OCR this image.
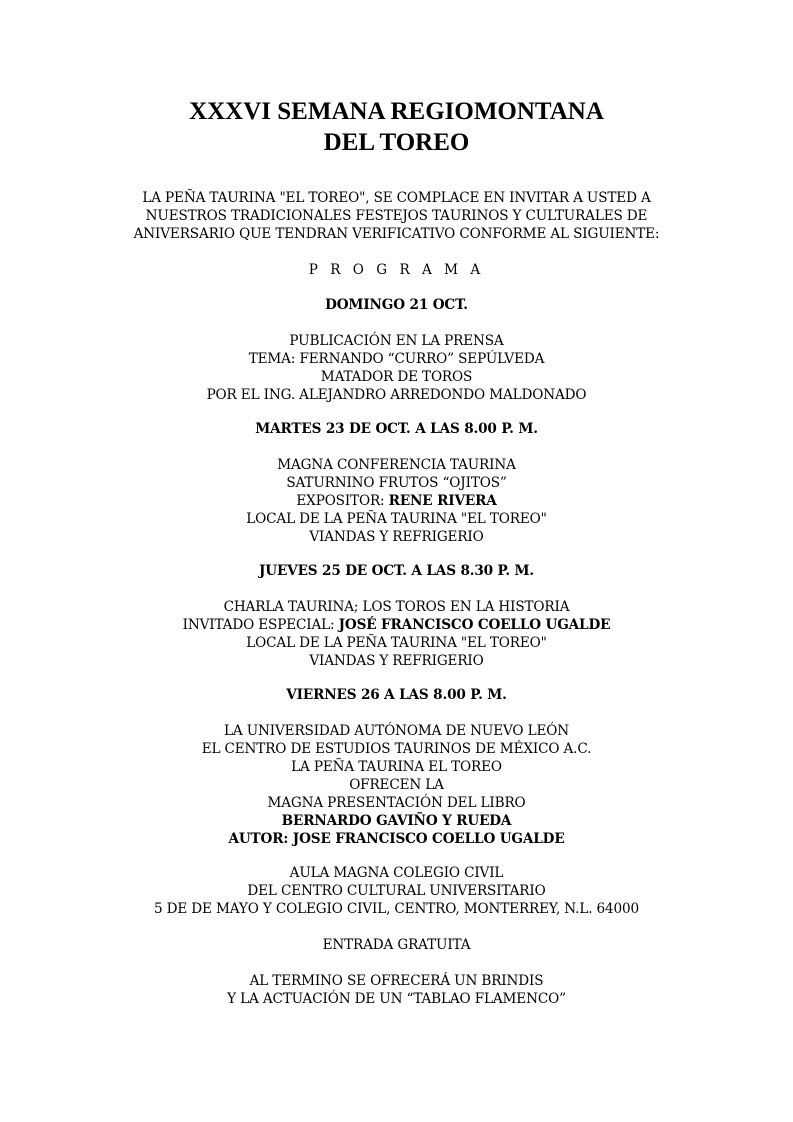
XXXVI SEMANA REGIOMONTANA
DEL TOREO
LA PEÑA TAURINA "EL TOREO", SE COMPLACE EN INVITAR A USTED A
NUESTROS TRADICIONALES FESTEJOS TAURINOS Y CULTURALES DE
ANIVERSARIO QUE TENDRAN VERIFICATIVO CONFORME AL SIGUIENTE:
P R O G R A M A
DOMINGO 21 OCT.
PUBLICACIÓN EN LA PRENSA
TEMA: FERNANDO “CURRO” SEPÚLVEDA
MATADOR DE TOROS
POR EL ING. ALEJANDRO ARREDONDO MALDONADO
MARTES 23 DE OCT. A LAS 8.00 P. M.
MAGNA CONFERENCIA TAURINA
SATURNINO FRUTOS “OJITOS”
EXPOSITOR: RENE RIVERA
LOCAL DE LA PEÑA TAURINA "EL TOREO"
VIANDAS Y REFRIGERIO
JUEVES 25 DE OCT. A LAS 8.30 P. M.
CHARLA TAURINA; LOS TOROS EN LA HISTORIA
INVITADO ESPECIAL: JOSÉ FRANCISCO COELLO UGALDE
LOCAL DE LA PEÑA TAURINA "EL TOREO"
VIANDAS Y REFRIGERIO
VIERNES 26 A LAS 8.00 P. M.
LA UNIVERSIDAD AUTÓNOMA DE NUEVO LEÓN
EL CENTRO DE ESTUDIOS TAURINOS DE MÉXICO A.C.
LA PEÑA TAURINA EL TOREO
OFRECEN LA
MAGNA PRESENTACIÓN DEL LIBRO
BERNARDO GAVIÑO Y RUEDA
AUTOR: JOSE FRANCISCO COELLO UGALDE
AULA MAGNA COLEGIO CIVIL
DEL CENTRO CULTURAL UNIVERSITARIO
5 DE DE MAYO Y COLEGIO CIVIL, CENTRO, MONTERREY, N.L. 64000
ENTRADA GRATUITA
AL TERMINO SE OFRECERÁ UN BRINDIS
Y LA ACTUACIÓN DE UN “TABLAO FLAMENCO”
